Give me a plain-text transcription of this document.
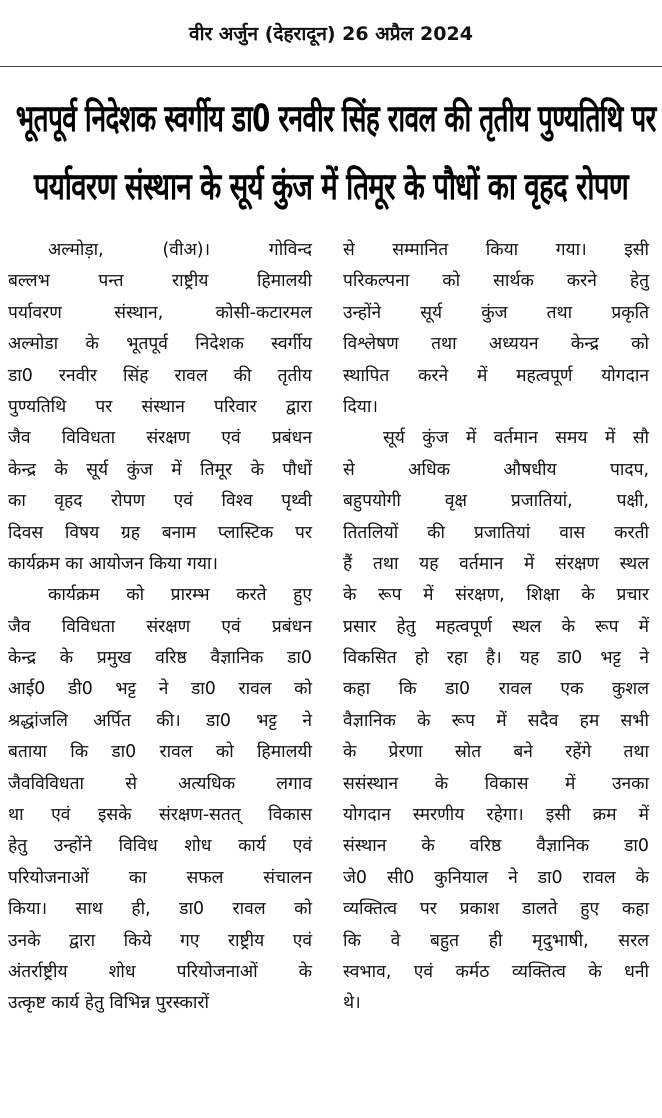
वीर अर्जुन (देहरादून) 26 अप्रैल 2024
भूतपूर्व निदेशक स्वर्गीय डा0 रनवीर सिंह रावल की तृतीय पुण्यतिथि पर
पर्यावरण संस्थान के सूर्य कुंज में तिमूर के पौधों का वृहद रोपण
अल्मोड़ा, (वीअ)। गोविन्द
बल्लभ पन्त राष्ट्रीय हिमालयी
पर्यावरण संस्थान, कोसी-कटारमल
अल्मोडा के भूतपूर्व निदेशक स्वर्गीय
डा0 रनवीर सिंह रावल की तृतीय
पुण्यतिथि पर संस्थान परिवार द्वारा
जैव विविधता संरक्षण एवं प्रबंधन
केन्द्र के सूर्य कुंज में तिमूर के पौधों
का वृहद रोपण एवं विश्व पृथ्वी
दिवस विषय ग्रह बनाम प्लास्टिक पर
कार्यक्रम का आयोजन किया गया।
कार्यक्रम को प्रारम्भ करते हुए
जैव विविधता संरक्षण एवं प्रबंधन
केन्द्र के प्रमुख वरिष्ठ वैज्ञानिक डा0
आई0 डी0 भट्ट ने डा0 रावल को
श्रद्धांजलि अर्पित की। डा0 भट्ट ने
बताया कि डा0 रावल को हिमालयी
जैवविविधता से अत्यधिक लगाव
था एवं इसके संरक्षण-सतत् विकास
हेतु उन्होंने विविध शोध कार्य एवं
परियोजनाओं का सफल संचालन
किया। साथ ही, डा0 रावल को
उनके द्वारा किये गए राष्ट्रीय एवं
अंतर्राष्ट्रीय शोध परियोजनाओं के
उत्कृष्ट कार्य हेतु विभिन्न पुरस्कारों
से सम्मानित किया गया। इसी
परिकल्पना को सार्थक करने हेतु
उन्होंने सूर्य कुंज तथा प्रकृति
विश्लेषण तथा अध्ययन केन्द्र को
स्थापित करने में महत्वपूर्ण योगदान
दिया।
सूर्य कुंज में वर्तमान समय में सौ
से अधिक औषधीय पादप,
बहुपयोगी वृक्ष प्रजातियां, पक्षी,
तितलियों की प्रजातियां वास करती
हैं तथा यह वर्तमान में संरक्षण स्थल
के रूप में संरक्षण, शिक्षा के प्रचार
प्रसार हेतु महत्वपूर्ण स्थल के रूप में
विकसित हो रहा है। यह डा0 भट्ट ने
कहा कि डा0 रावल एक कुशल
वैज्ञानिक के रूप में सदैव हम सभी
के प्रेरणा स्रोत बने रहेंगे तथा
ससंस्थान के विकास में उनका
योगदान स्मरणीय रहेगा। इसी क्रम में
संस्थान के वरिष्ठ वैज्ञानिक डा0
जे0 सी0 कुनियाल ने डा0 रावल के
व्यक्तित्व पर प्रकाश डालते हुए कहा
कि वे बहुत ही मृदुभाषी, सरल
स्वभाव, एवं कर्मठ व्यक्तित्व के धनी
थे।
